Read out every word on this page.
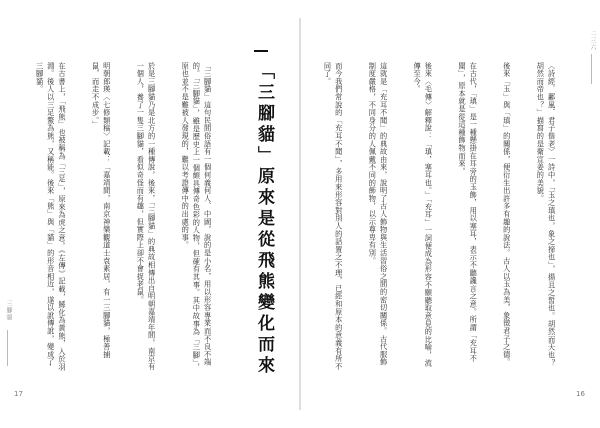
〈詩經．鄘風．君子偕老〉一詩中，「玉之瑱也，象之揥也」，揚且之皙也。胡然而天也？胡然而帝也？」描寫的是衛宣姜的美貌。

後來「玉」與「瑱」的關係，便衍生出許多有趣的說法。古人以玉為美，象徵君子之德。

在古代，「瑱」是一種懸掛在耳旁的玉飾，用以塞耳，表示不聽讒言之意。所謂「充耳不聞」，原本就是從這種飾物而來。

後來〈毛傳〉解釋說：「瑱，塞耳也。」「充耳」一詞便成為形容不願聽取意見的比喻，流傳至今。

這就是「充耳不聞」的典故由來，說明了古人飾物與生活習俗之間的密切關係。古代服飾制度嚴格，不同身分的人佩戴不同的飾物，以示尊卑有別。

而今我們常說的「充耳不聞」，多用來形容對別人的話置之不理，已經和原本的意義有所不同了。

「三腳貓」原來是從飛熊變化而來

「三腳貓」這句民間俗語有一個何義何人、中國，說的是小名，用以形容專業而不良不端的。「三腳貓」，雖是歷史上一個頗具傳奇色彩的人物，但確有其事。其中故事為「三腳」，原也並不是難被人發現的，難以考證傳中的出處的事。

於是三腳貓乃是北方的一種傳說，後來，「三腳貓」的典故相傳出自明朝嘉靖年間，南京有一個人，養了一隻三腳貓，看似奇怪而有趣，但實際上卻不會捉老鼠。

明朝郎瑛〈七修類稿〉記載：「嘉靖間，南京神樂觀道士袁素居，有一三腳貓，極善捕鼠，而走不成步。」

在古書上，「飛熊」也被稱為「三足」，原來為虎之意。《左傳》記載，鯀化為黃熊，入於羽淵。後人以三足鱉為熊，又稱能。後來「熊」與「貓」的形音相近，遂以訛傳訛，變成了三腳貓。

三腳貓
二三六
17	16
